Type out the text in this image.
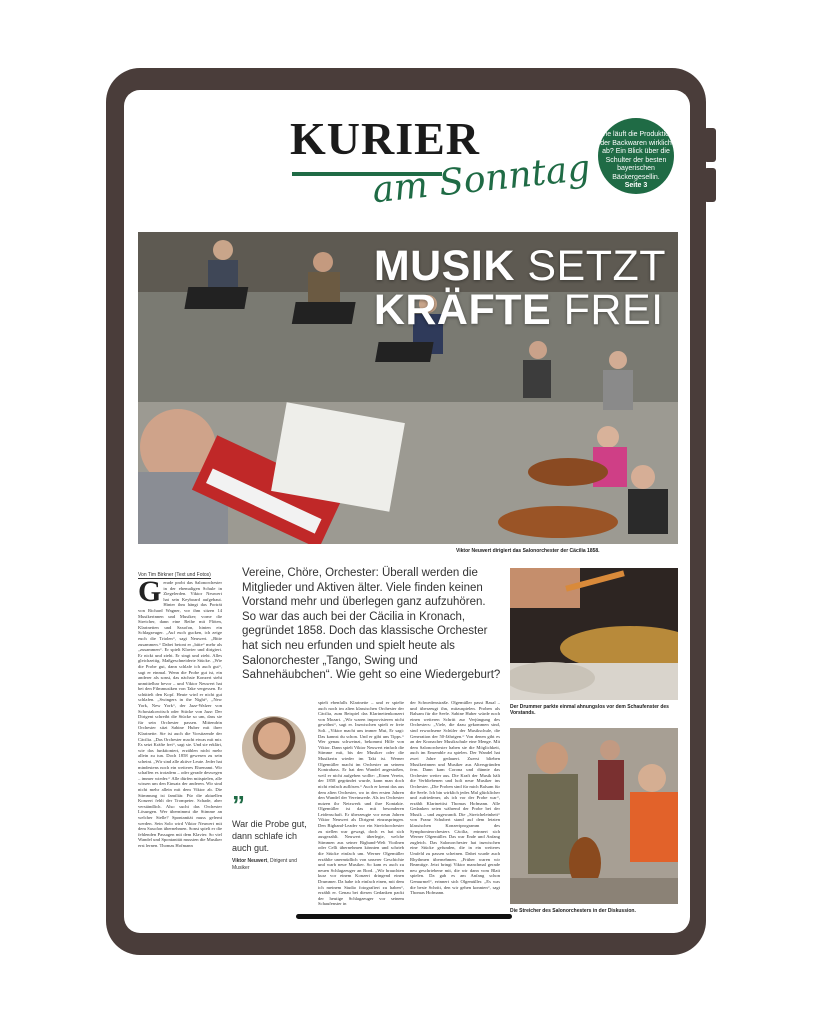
KURIER
am Sonntag
Wie läuft die Produktion der Backwaren wirklich ab? Ein Blick über die Schulter der besten bayerischen Bäckergesellin.
Seite 3
MUSIK SETZT
KRÄFTE FREI
Viktor Neuwert dirigiert das Salonorchester der Cäcilia 1858.
Von Tim Birkner (Text und Fotos)
G erade probt das Salonorchester in der ehemaligen Schule in Ziegelerden. Viktor Neuwert hat sein Keyboard aufgebaut. Hinter ihm hängt das Porträt von Richard Wagner, vor ihm sitzen 14 Musikerinnen und Musiker; vorne die Streicher, dann eine Reihe mit Flöten, Klarinetten und Saxofon, hinten ein Schlagzeuger. „Auf euch gucken, ich zeige euch die Triolen“, sagt Neuwert. „Bitte zusammen.“ Dabei betont er „bitte“ mehr als „zusammen“. Er spielt Klavier und dirigiert. Er nickt und zieht. Er singt und zieht. Alles gleichzeitig. Maßgeschneiderte Stücke. „Wie die Probe gut, dann schlafe ich auch gut“, sagt er einmal. Wenn die Probe gut ist, ein anderer als sonst, das nächste Konzert steht unmittelbar bevor – und Viktor Neuwert hat bei den Filmmusiken von Take vergessen. Er schüttelt den Kopf. Heute wird er nicht gut schlafen. „Swingers in the Night“, „New York, New York“, der Jazz-Walzer von Schostakowitsch oder Stücke von Jazz: Der Dirigent schreibt die Stücke so um, dass sie für sein Orchester passen. Mittendrin Orchester sitzt Sabine Huber mit ihrer Klarinette. Sie ist auch die Vorsitzende der Cäcilia. „Das Orchester macht etwas mit mir. Es setzt Kräfte frei“, sagt sie. Und sie erklärt, wie das funktioniert, erzählen nicht mehr allein zu tun. Doch 1858 gewesen zu sein scheint. „Wir sind alle aktive Leute. Jeder hat mindestens noch ein weiteres Ehrenamt. Wir schaffen es trotzdem – oder gerade deswegen – immer wieder.“ Alle dürfen mitspielen, alle wissen um den Einsatz der anderen. Wir sind nicht mehr allein mit dem Viktor ab. Die Stimmung ist familiär. Für die aktuellen Konzert fehlt der Trompeter. Schade, aber verständlich. Also sucht das Orchester Lösungen. Wer übernimmt die Stimme an welcher Stelle? Spontanität muss gelernt werden. Sein Solo wird Viktor Neuwert mit dem Saxofon übernehmen. Sonst spielt er die fehlenden Passagen mit dem Klavier. So viel Wandel und Spontanität mussten die Musiker erst lernen. Thomas Hofmann
Vereine, Chöre, Orchester: Überall werden die Mitglieder und Aktiven älter. Viele finden keinen Vorstand mehr und überlegen ganz aufzuhören. So war das auch bei der Cäcilia in Kronach, gegründet 1858. Doch das klassische Orchester hat sich neu erfunden und spielt heute als Salonorchester „Tango, Swing und Sahnehäubchen“. Wie geht so eine Wiedergeburt?
”
War die Probe gut, dann schlafe ich auch gut.
Viktor Neuwert, Dirigent und Musiker
spielt ebenfalls Klarinette – und er spielte auch noch im alten klassischen Orchester der Cäcilia, zum Beispiel das Klarinettenkonzert von Mozart. „Wir waren improvisieren nicht gewöhnt“, sagt er. Inzwischen spielt er freie Soli. „Viktor macht uns immer Mut, Er sagt: Das kannst du schon. Und er gibt uns Tipps.“ Wer genau schweinzt, bekommt Hilfe von Viktor. Dann spielt Viktor Neuwert einfach die Stimme mit, bis der Musiker oder die Musikerin wieder im Takt ist. Werner Olgemüller macht im Orchester an seinem Kontrabass. Er hat den Wandel angestoßen, weil er nicht aufgeben wollte: „Einen Verein, der 1858 gegründet wurde, kann man doch nicht einfach auflösen.“ Auch er kennt das aus dem alten Orchester, wo in den ersten Jahren den Wandel der Vereinsrede. Als im Orchester nutzen ihr Netzwerk und ihre Kontakte. Olgemüller ist das mit besonderen Leidenschaft. Er überzeugte vor neun Jahren Viktor Neuwert als Dirigent einzuspringen. Den Bigband-Leader vor ein Streichorchester zu stellen war gewagt, doch es hat sich ausgezahlt. Neuwert überlegte, welche Stimmen aus seiner Bigband-Welt Vioilnen oder Celli übernehmen könnten und schrieb die Stücke einfach um. Werner Olgemüller erzählte unermüdlich von unserer Geschichte und warb neue Musiker. So kam es auch zu neuen Schlagzeuger an Bord. „Wir brauchten kurz vor einem Konzert dringend einen Drummer. Da habe ich einfach einen, mit dem ich meinem Studio fotografiert zu haben“, erzählt er. Genau bei diesen Gedanken packt der heutige Schlagzeuger vor seinem Schaufenster in
der Schwedenstraße. Olgemüller passt Basal – und überzeugt ihn, mitzuspielen. Proben als Balsam für die Seele. Sabine Huber würde noch einen weiteren Schritt zur Verjüngung des Orchesters: „Viele, die dazu gekommen sind, sind erwachsene Schüler der Musikschule, die Generation der 50-Jährigen.“ Von denen gibt es an der Kronacher Musikschule eine Menge. Mit dem Salonorchester haben sie die Möglichkeit, auch im Ensemble zu spielen. Der Wandel hat zwei Jahre gedauert. Zuerst blieben Musikerinnen und Musiker aus Altersgründen fern. Dann kam Corona und dünnte das Orchester weiter aus. Die Kraft der Musik hält die Verbliebenen und holt neue Musiker ins Orchester. „Die Proben sind für mich Balsam für die Seele. Ich bin wirklich jedes Mal glücklicher und zufriedener, als ich vor der Probe war“, erzählt Klarinettist Thomas Hofmann. Alle Gedanken seien während der Probe bei der Musik – und zugewandt. Die „Streicheleinheit“ von Franz Schubert stand auf dem letzten klassischen Konzertprogramm des Symphonieorchesters Cäcilia, erinnert sich Werner Olgemüller. Das war Ende und Anfang zugleich. Das Salonorchester hat inzwischen eine Stücke gefunden, die in ein weiteres Umfeld zu passen scheinen. Dabei wurde auch Rhythmen übernehmen. „Früher waren wir Beamtige. Jetzt bringt Viktor manchmal gerade neu geschriebene mit, die wir dann vom Blatt spielen. Da gab es am Anfang schon Gemurmel“, erinnert sich Olgemüller. „Es was die beste Schritt, den wir gehen konnten“, sagt Thomas Hofmann.
Der Drummer parkte einmal ahnungslos vor dem Schaufenster des Vorstands.
Die Streicher des Salonorchesters in der Diskussion.
